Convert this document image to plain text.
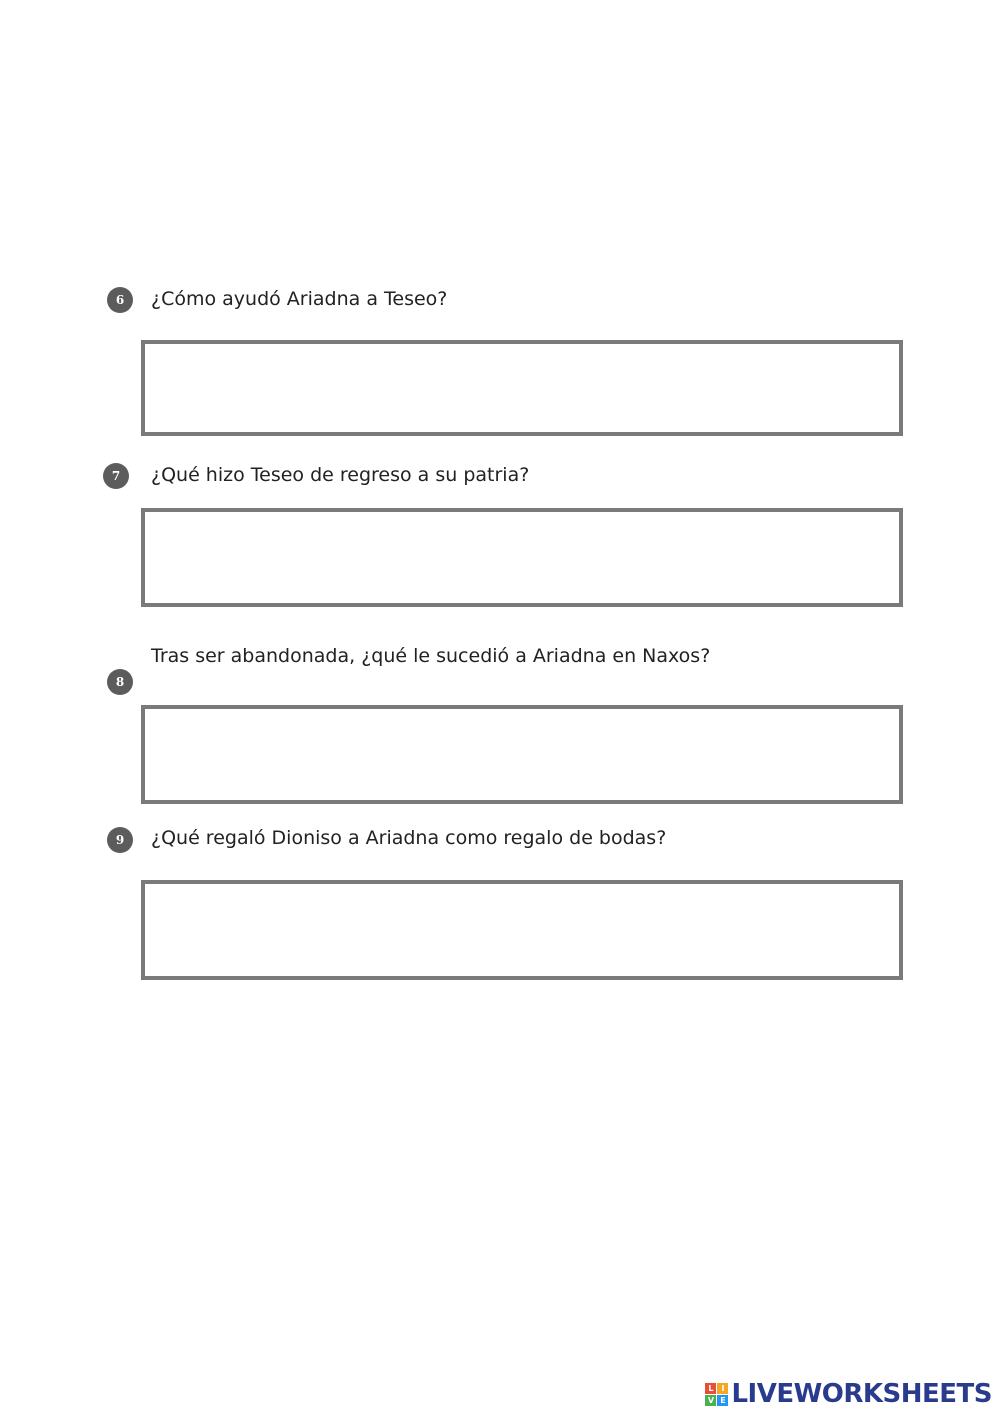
6	¿Cómo ayudó Ariadna a Teseo?
7	¿Qué hizo Teseo de regreso a su patria?
Tras ser abandonada, ¿qué le sucedió a Ariadna en Naxos?
8
9	¿Qué regaló Dioniso a Ariadna como regalo de bodas?
L I
V E LIVEWORKSHEETS
